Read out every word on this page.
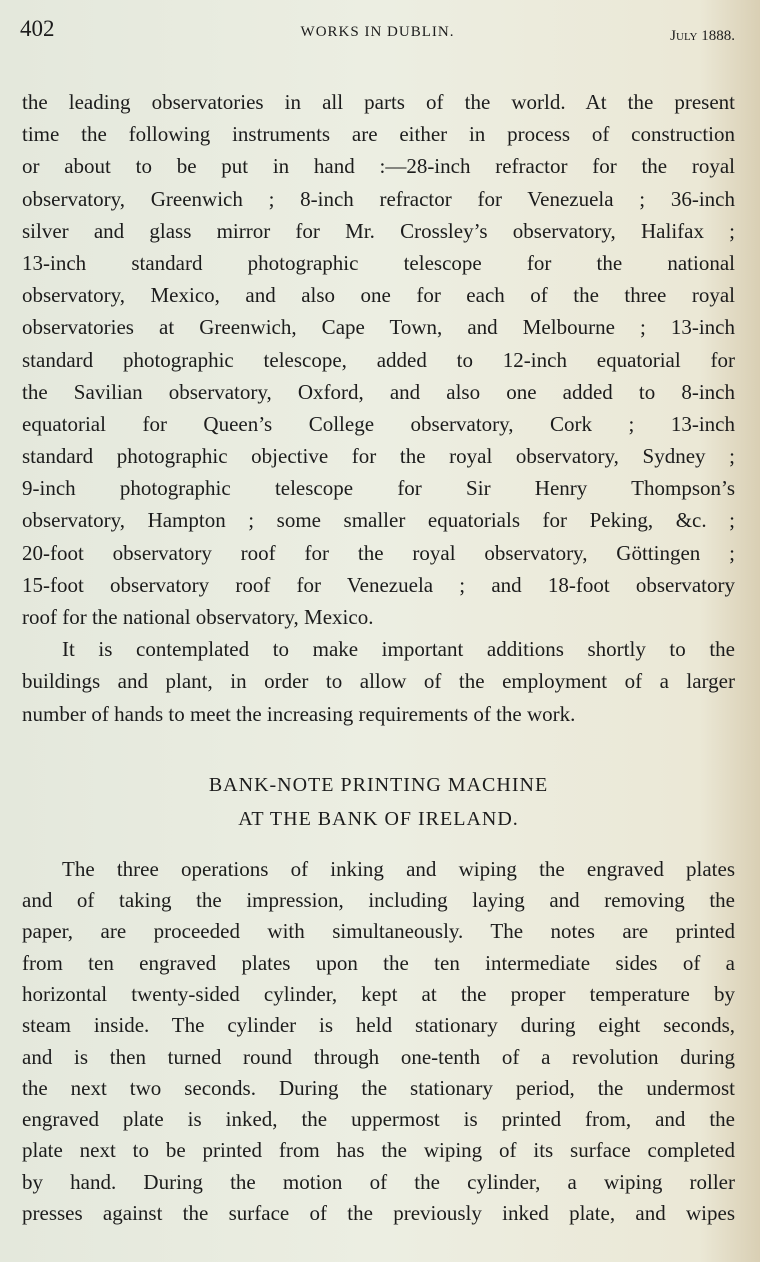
402	WORKS IN DUBLIN.	July 1888.
the leading observatories in all parts of the world. At the present
time the following instruments are either in process of construction
or about to be put in hand :—28-inch refractor for the royal
observatory, Greenwich ; 8-inch refractor for Venezuela ; 36-inch
silver and glass mirror for Mr. Crossley’s observatory, Halifax ;
13-inch standard photographic telescope for the national
observatory, Mexico, and also one for each of the three royal
observatories at Greenwich, Cape Town, and Melbourne ; 13-inch
standard photographic telescope, added to 12-inch equatorial for
the Savilian observatory, Oxford, and also one added to 8-inch
equatorial for Queen’s College observatory, Cork ; 13-inch
standard photographic objective for the royal observatory, Sydney ;
9-inch photographic telescope for Sir Henry Thompson’s
observatory, Hampton ; some smaller equatorials for Peking, &c. ;
20-foot observatory roof for the royal observatory, Göttingen ;
15-foot observatory roof for Venezuela ; and 18-foot observatory
roof for the national observatory, Mexico.
It is contemplated to make important additions shortly to the
buildings and plant, in order to allow of the employment of a larger
number of hands to meet the increasing requirements of the work.
BANK-NOTE PRINTING MACHINE
AT THE BANK OF IRELAND.
The three operations of inking and wiping the engraved plates
and of taking the impression, including laying and removing the
paper, are proceeded with simultaneously. The notes are printed
from ten engraved plates upon the ten intermediate sides of a
horizontal twenty-sided cylinder, kept at the proper temperature by
steam inside. The cylinder is held stationary during eight seconds,
and is then turned round through one-tenth of a revolution during
the next two seconds. During the stationary period, the undermost
engraved plate is inked, the uppermost is printed from, and the
plate next to be printed from has the wiping of its surface completed
by hand. During the motion of the cylinder, a wiping roller
presses against the surface of the previously inked plate, and wipes
